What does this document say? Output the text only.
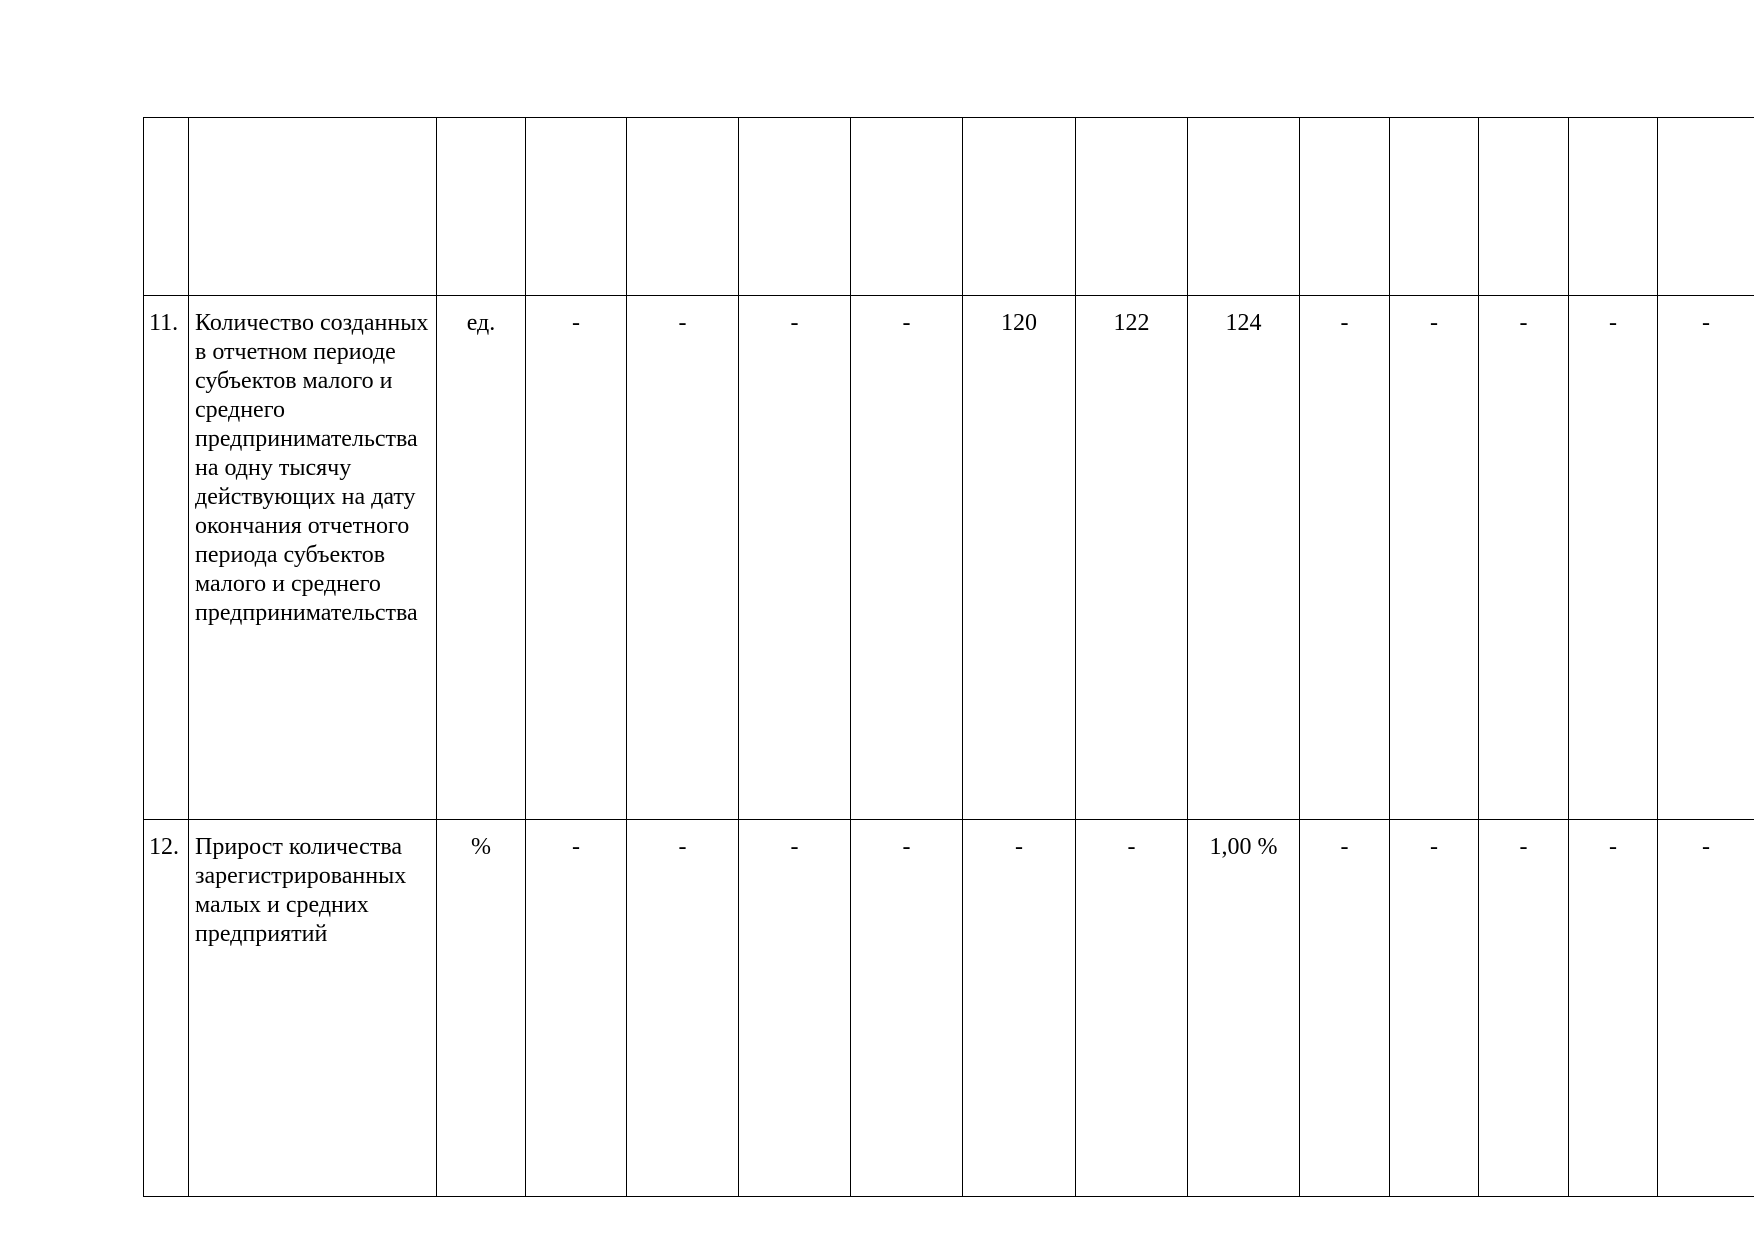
11.	Количество созданных в отчетном периоде субъектов малого и среднего предпринимательства на одну тысячу действующих на дату окончания отчетного периода субъектов малого и среднего предпринимательства	ед.	-	-	-	-	120	122	124	-	-	-	-	-	
12.	Прирост количества зарегистрированных малых и средних предприятий	%	-	-	-	-	-	-	1,00 %	-	-	-	-	-	
